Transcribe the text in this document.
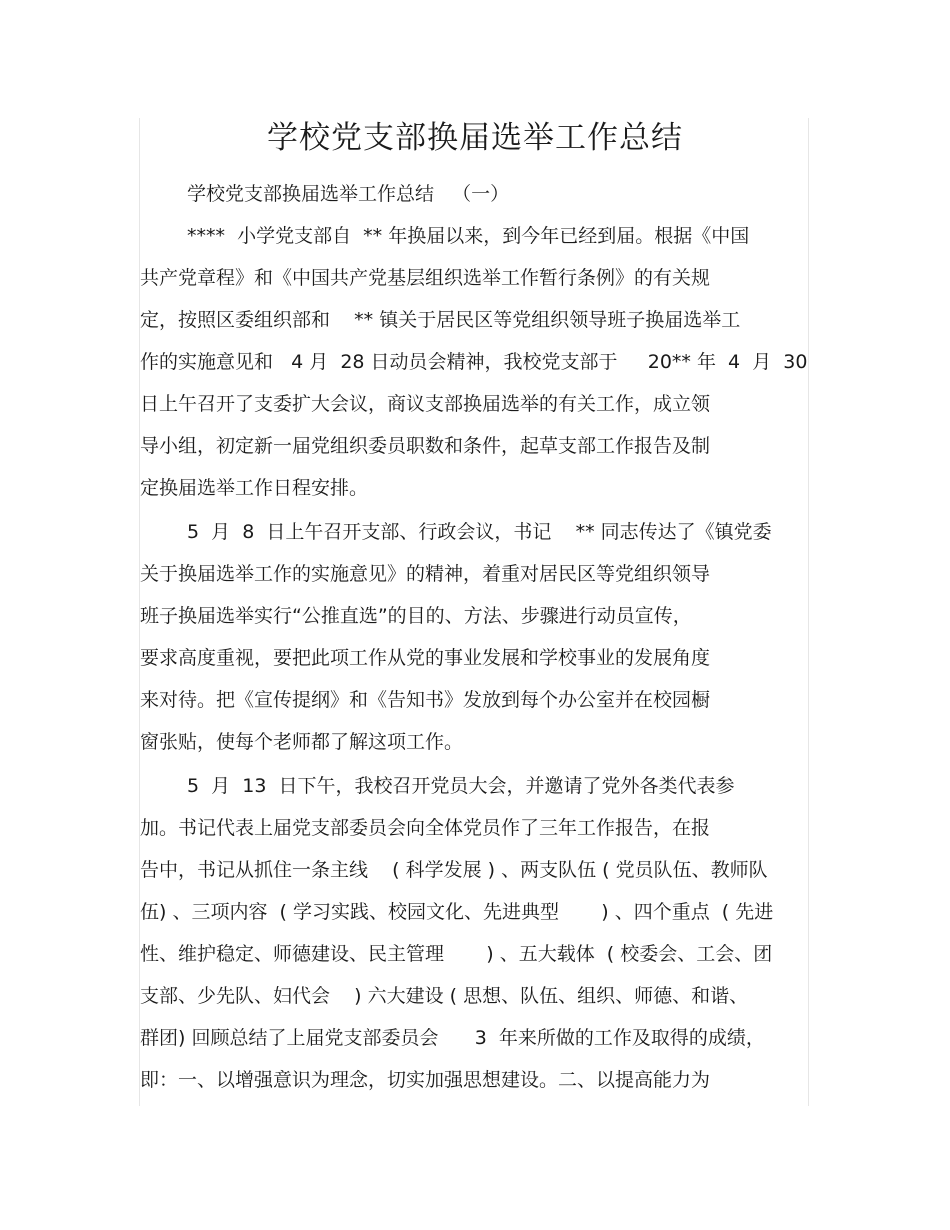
学校党支部换届选举工作总结
学校党支部换届选举工作总结   （一）
****  小学党支部自  ** 年换届以来，到今年已经到届。根据《中国
共产党章程》和《中国共产党基层组织选举工作暂行条例》的有关规
定，按照区委组织部和    ** 镇关于居民区等党组织领导班子换届选举工
作的实施意见和   4 月  28 日动员会精神，我校党支部于     20** 年  4  月  30
日上午召开了支委扩大会议，商议支部换届选举的有关工作，成立领
导小组，初定新一届党组织委员职数和条件，起草支部工作报告及制
定换届选举工作日程安排。
5  月  8  日上午召开支部、行政会议，书记    ** 同志传达了《镇党委
关于换届选举工作的实施意见》的精神，着重对居民区等党组织领导
班子换届选举实行“公推直选”的目的、方法、步骤进行动员宣传，
要求高度重视，要把此项工作从党的事业发展和学校事业的发展角度
来对待。把《宣传提纲》和《告知书》发放到每个办公室并在校园橱
窗张贴，使每个老师都了解这项工作。
5  月  13  日下午，我校召开党员大会，并邀请了党外各类代表参
加。书记代表上届党支部委员会向全体党员作了三年工作报告，在报
告中，书记从抓住一条主线    ( 科学发展 ) 、两支队伍 ( 党员队伍、教师队
伍) 、三项内容  ( 学习实践、校园文化、先进典型       ) 、四个重点  ( 先进
性、维护稳定、师德建设、民主管理       ) 、五大载体  ( 校委会、工会、团
支部、少先队、妇代会    ) 六大建设 ( 思想、队伍、组织、师德、和谐、
群团) 回顾总结了上届党支部委员会      3  年来所做的工作及取得的成绩，
即：一、以增强意识为理念，切实加强思想建设。二、以提高能力为
